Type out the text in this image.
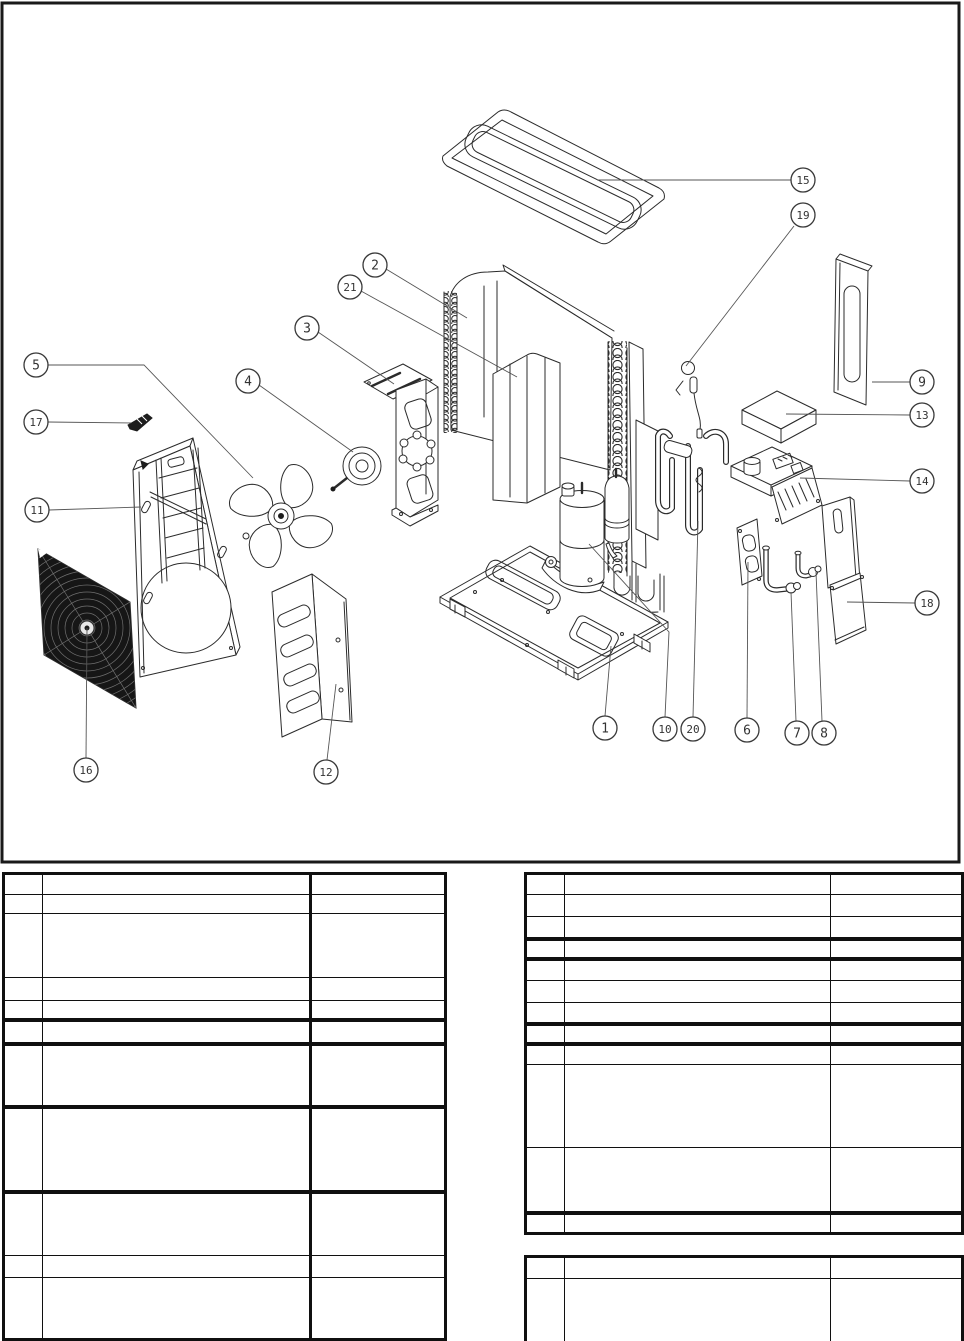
1
2
3
4
5
6	7 8
9
10
11
12
13
14
15
16
17
18
19
20
21
